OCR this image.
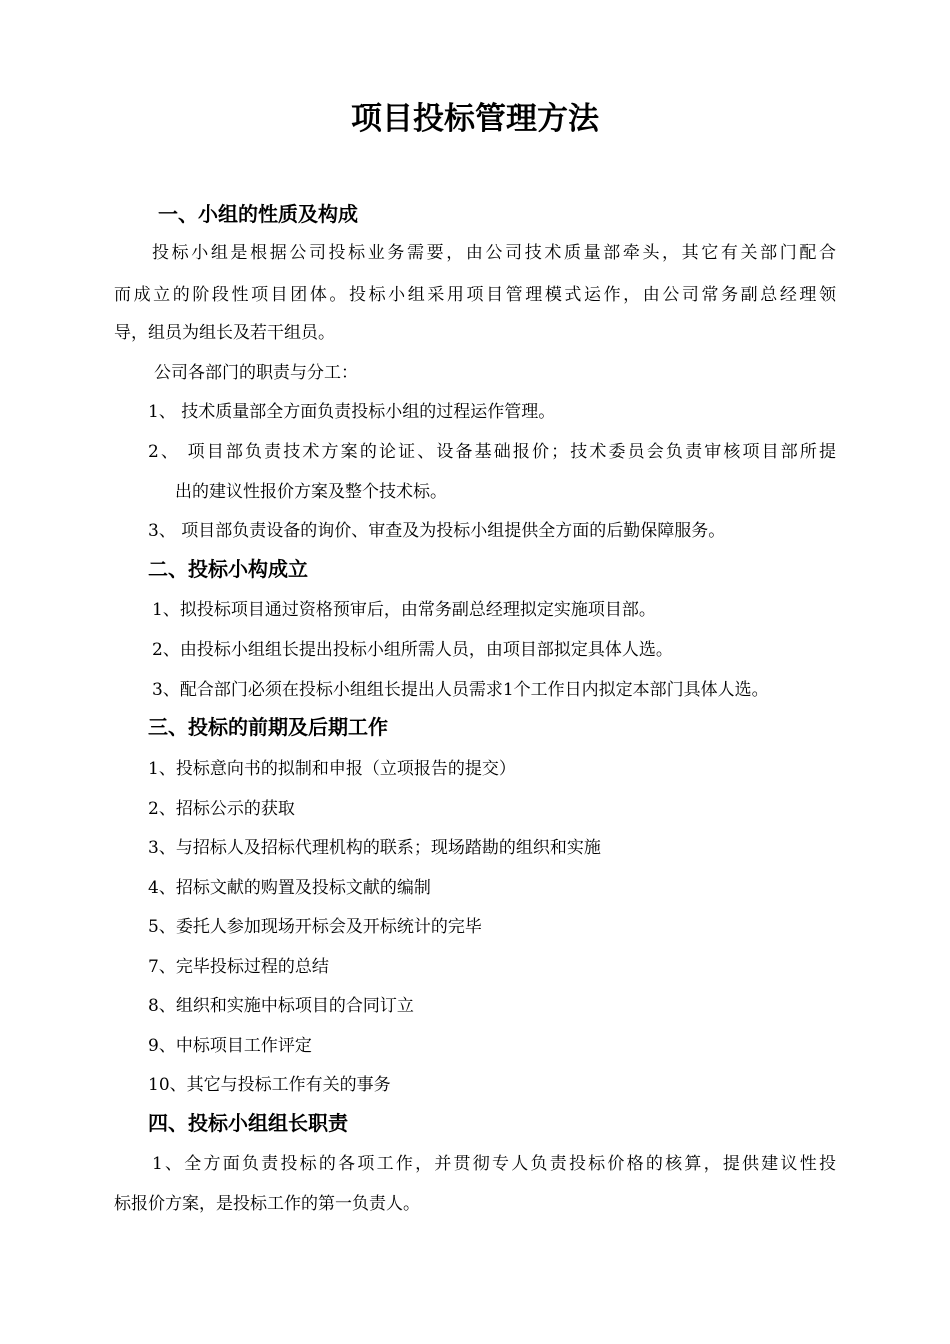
项目投标管理方法
一、小组的性质及构成
投标小组是根据公司投标业务需要，由公司技术质量部牵头，其它有关部门配合
而成立的阶段性项目团体。投标小组采用项目管理模式运作，由公司常务副总经理领
导，组员为组长及若干组员。
公司各部门的职责与分工：
1、 技术质量部全方面负责投标小组的过程运作管理。
2、 项目部负责技术方案的论证、设备基础报价；技术委员会负责审核项目部所提
出的建议性报价方案及整个技术标。
3、 项目部负责设备的询价、审查及为投标小组提供全方面的后勤保障服务。
二、投标小构成立
1、拟投标项目通过资格预审后，由常务副总经理拟定实施项目部。
2、由投标小组组长提出投标小组所需人员，由项目部拟定具体人选。
3、配合部门必须在投标小组组长提出人员需求1个工作日内拟定本部门具体人选。
三、投标的前期及后期工作
1、投标意向书的拟制和申报（立项报告的提交）
2、招标公示的获取
3、与招标人及招标代理机构的联系；现场踏勘的组织和实施
4、招标文献的购置及投标文献的编制
5、委托人参加现场开标会及开标统计的完毕
7、完毕投标过程的总结
8、组织和实施中标项目的合同订立
9、中标项目工作评定
10、其它与投标工作有关的事务
四、投标小组组长职责
1、全方面负责投标的各项工作，并贯彻专人负责投标价格的核算，提供建议性投
标报价方案，是投标工作的第一负责人。
